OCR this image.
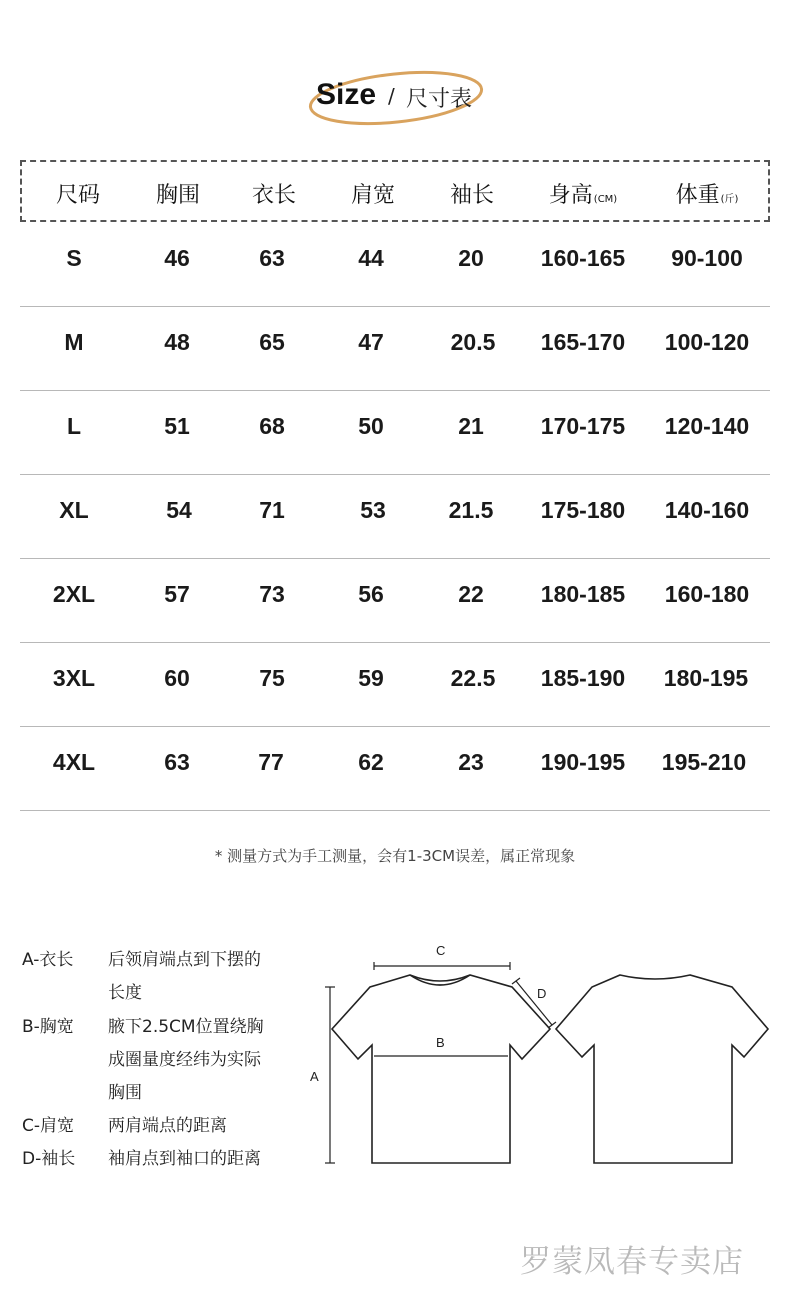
Size / 尺寸表
尺码	胸围 衣长 肩宽 袖长 身高(CM)	体重(斤)
S	46	63	44	20 160-165 90-100
M	48	65	47	20.5 165-170 100-120
L	51	68	50	21 170-175 120-140
XL	54	71	53	21.5 175-180 140-160
2XL	57	73	56	22 180-185 160-180
3XL	60	75	59	22.5 185-190 180-195
4XL	63	77	62	23 190-195 195-210
* 测量方式为手工测量，会有1-3CM误差，属正常现象
A-衣长 后领肩端点到下摆的
长度
B-胸宽 腋下2.5CM位置绕胸
成圈量度经纬为实际
胸围
C-肩宽 两肩端点的距离
D-袖长 袖肩点到袖口的距离
A
B
C
D
罗蒙凤春专卖店
